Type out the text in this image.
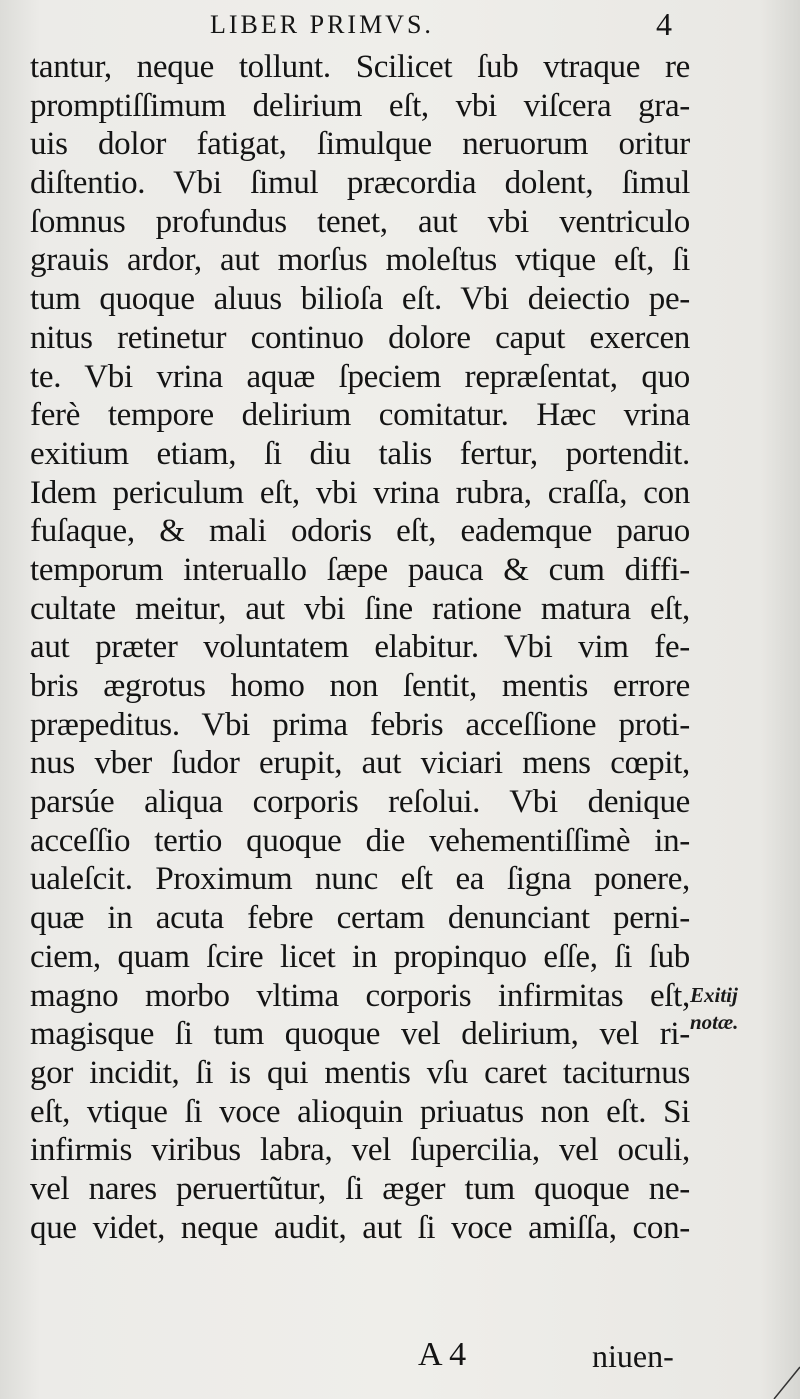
LIBER PRIMVS.	4
tantur, neque tollunt. Scilicet ſub vtraque re
promptiſſimum delirium eſt, vbi viſcera gra-
uis dolor fatigat, ſimulque neruorum oritur
diſtentio. Vbi ſimul præcordia dolent, ſimul
ſomnus profundus tenet, aut vbi ventriculo
grauis ardor, aut morſus moleſtus vtique eſt, ſi
tum quoque aluus bilioſa eſt. Vbi deiectio pe-
nitus retinetur continuo dolore caput exercen
te. Vbi vrina aquæ ſpeciem repræſentat, quo
ferè tempore delirium comitatur. Hæc vrina
exitium etiam, ſi diu talis fertur, portendit.
Idem periculum eſt, vbi vrina rubra, craſſa, con
fuſaque, & mali odoris eſt, eademque paruo
temporum interuallo ſæpe pauca & cum diffi-
cultate meitur, aut vbi ſine ratione matura eſt,
aut præter voluntatem elabitur. Vbi vim fe-
bris ægrotus homo non ſentit, mentis errore
præpeditus. Vbi prima febris acceſſione proti-
nus vber ſudor erupit, aut viciari mens cœpit,
parsúe aliqua corporis reſolui. Vbi denique
acceſſio tertio quoque die vehementiſſimè in-
ualeſcit. Proximum nunc eſt ea ſigna ponere,
quæ in acuta febre certam denunciant perni-
ciem, quam ſcire licet in propinquo eſſe, ſi ſub
magno morbo vltima corporis infirmitas eſt,
magisque ſi tum quoque vel delirium, vel ri-
gor incidit, ſi is qui mentis vſu caret taciturnus
eſt, vtique ſi voce alioquin priuatus non eſt. Si
infirmis viribus labra, vel ſupercilia, vel oculi,
vel nares peruertũtur, ſi æger tum quoque ne-
que videt, neque audit, aut ſi voce amiſſa, con-
Exitij
notæ.
A 4	niuen-
